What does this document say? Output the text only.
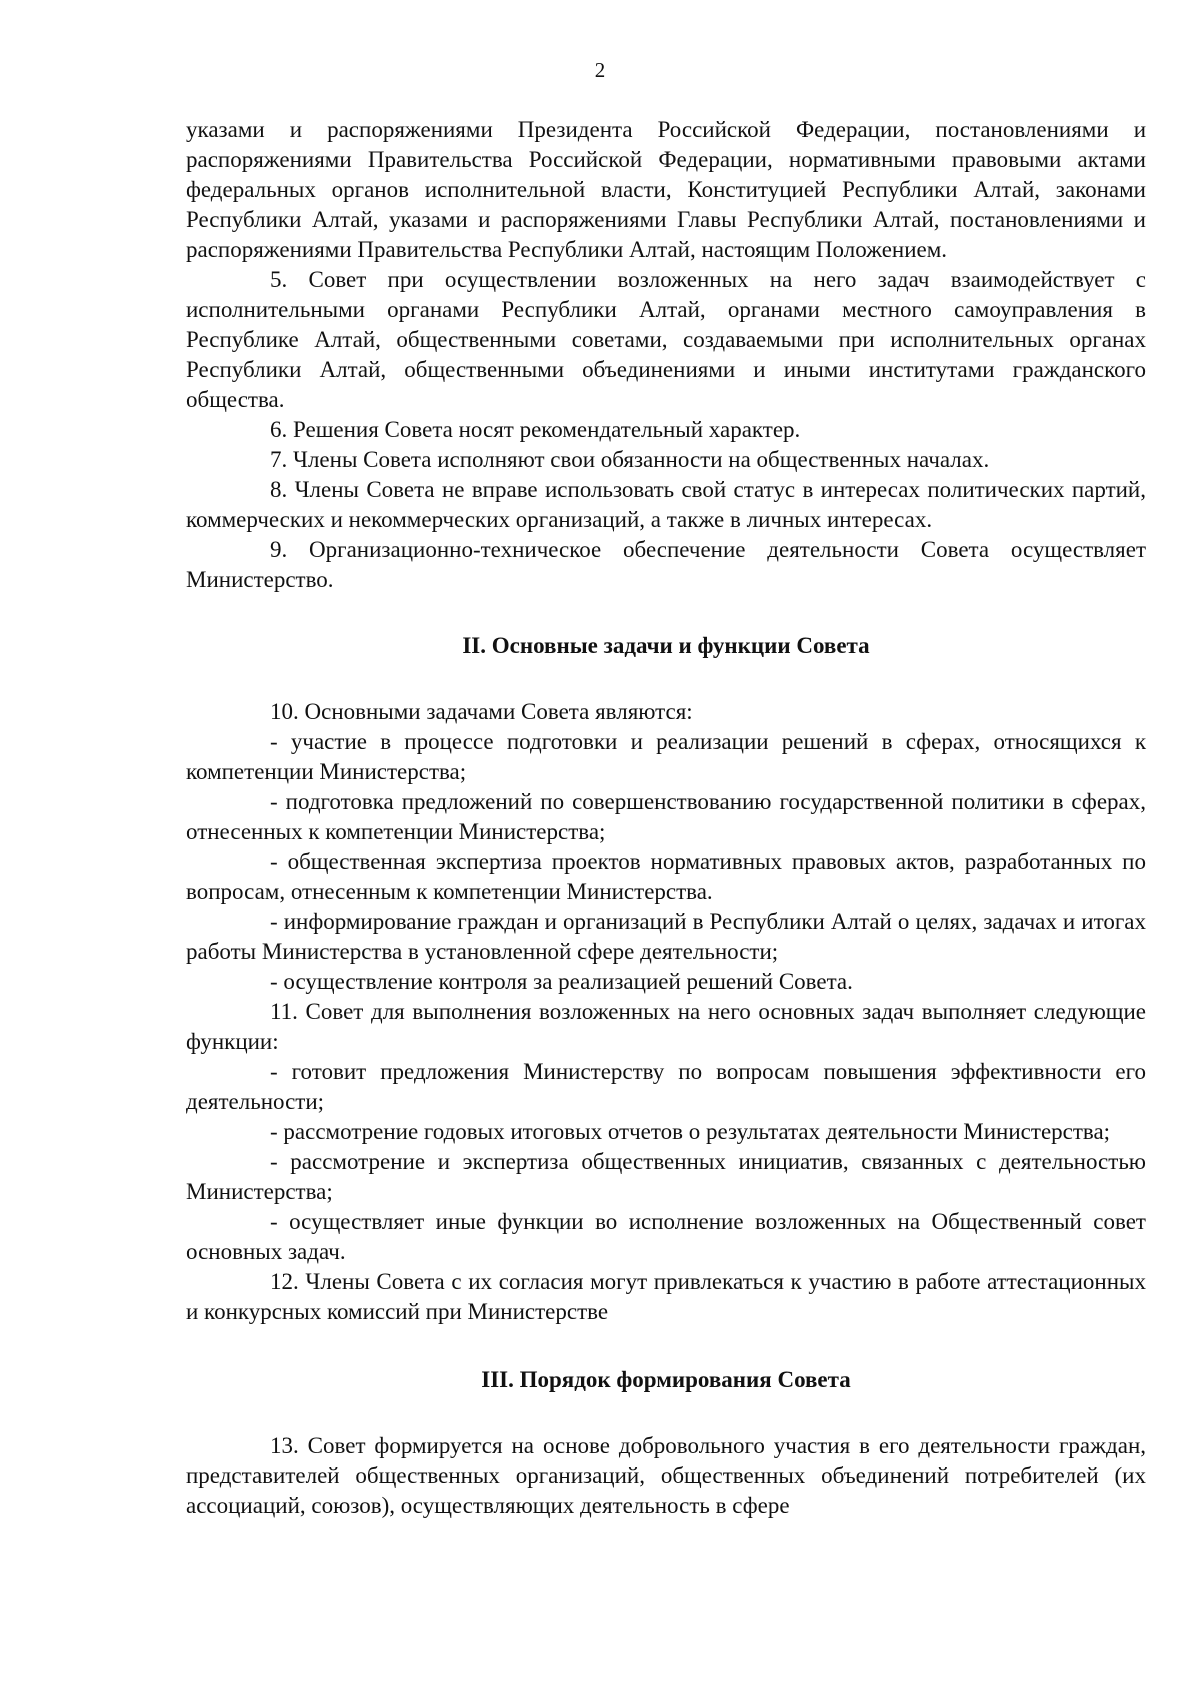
2

указами и распоряжениями Президента Российской Федерации, постановлениями и распоряжениями Правительства Российской Федерации, нормативными правовыми актами федеральных органов исполнительной власти, Конституцией Республики Алтай, законами Республики Алтай, указами и распоряжениями Главы Республики Алтай, постановлениями и распоряжениями Правительства Республики Алтай, настоящим Положением.

5. Совет при осуществлении возложенных на него задач взаимодействует с исполнительными органами Республики Алтай, органами местного самоуправления в Республике Алтай, общественными советами, создаваемыми при исполнительных органах Республики Алтай, общественными объединениями и иными институтами гражданского общества.

6. Решения Совета носят рекомендательный характер.

7. Члены Совета исполняют свои обязанности на общественных началах.

8. Члены Совета не вправе использовать свой статус в интересах политических партий, коммерческих и некоммерческих организаций, а также в личных интересах.

9. Организационно-техническое обеспечение деятельности Совета осуществляет Министерство.

II. Основные задачи и функции Совета

10. Основными задачами Совета являются:

- участие в процессе подготовки и реализации решений в сферах, относящихся к компетенции Министерства;

- подготовка предложений по совершенствованию государственной политики в сферах, отнесенных к компетенции Министерства;

- общественная экспертиза проектов нормативных правовых актов, разработанных по вопросам, отнесенным к компетенции Министерства.

- информирование граждан и организаций в Республики Алтай о целях, задачах и итогах работы Министерства в установленной сфере деятельности;

- осуществление контроля за реализацией решений Совета.

11. Совет для выполнения возложенных на него основных задач выполняет следующие функции:

- готовит предложения Министерству по вопросам повышения эффективности его деятельности;

- рассмотрение годовых итоговых отчетов о результатах деятельности Министерства;

- рассмотрение и экспертиза общественных инициатив, связанных с деятельностью Министерства;

- осуществляет иные функции во исполнение возложенных на Общественный совет основных задач.

12. Члены Совета с их согласия могут привлекаться к участию в работе аттестационных и конкурсных комиссий при Министерстве

III. Порядок формирования Совета

13. Совет формируется на основе добровольного участия в его деятельности граждан, представителей общественных организаций, общественных объединений потребителей (их ассоциаций, союзов), осуществляющих деятельность в сфере
